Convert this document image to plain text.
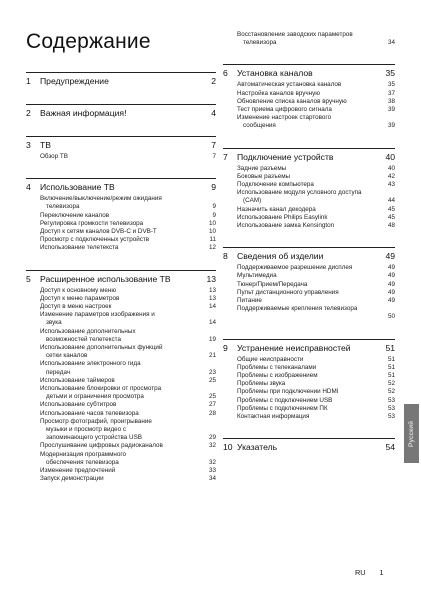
Содержание
1	Предупреждение	2
2	Важная информация!	4
3	ТВ	7
Обзор ТВ	7
4	Использование ТВ	9
Включение/выключение/режим ожидания
телевизора	9
Переключение каналов	9
Регулировка громкости телевизора	10
Доступ к сетям каналов DVB-C и DVB-T	10
Просмотр с подключенных устройств	11
Использование телетекста	12
5	Расширенное использование ТВ	13
Доступ к основному меню	13
Доступ к меню параметров	13
Доступ в меню настроек	14
Изменение параметров изображения и
звука	14
Использование дополнительных
возможностей телетекста	19
Использование дополнительных функций
сетки каналов	21
Использование электронного гида
передач	23
Использование таймеров	25
Использование блокировки от просмотра
детьми и ограничения просмотра	25
Использование субтитров	27
Использование часов телевизора	28
Просмотр фотографий, проигрывание
музыки и просмотр видео с
запоминающего устройства USB	29
Прослушивание цифровых радиоканалов	32
Модернизация программного
обеспечения телевизора	32
Изменение предпочтений	33
Запуск демонстрации	34
Восстановление заводских параметров
телевизора	34
6	Установка каналов	35
Автоматическая установка каналов	35
Настройка каналов вручную	37
Обновление списка каналов вручную	38
Тест приема цифрового сигнала	39
Изменение настроек стартового
сообщения	39
7	Подключение устройств	40
Задние разъемы	40
Боковые разъемы	42
Подключение компьютера	43
Использование модуля условного доступа
(CAM)	44
Назначить канал декодера	45
Использование Philips Easylink	45
Использование замка Kensington	48
8	Сведения об изделии	49
Поддерживаемое разрешение дисплея	49
Мультимедиа	49
Тюнер/Прием/Передача	49
Пульт дистанционного управления	49
Питание	49
Поддерживаемые крепления телевизора
50
9	Устранение неисправностей	51
Общие неисправности	51
Проблемы с телеканалами	51
Проблемы с изображением	51
Проблемы звука	52
Проблемы при подключении HDMI	52
Проблемы с подключением USB	53
Проблемы с подключением ПК	53
Контактная информация	53
10 Указатель	54
Русский
RU 1
